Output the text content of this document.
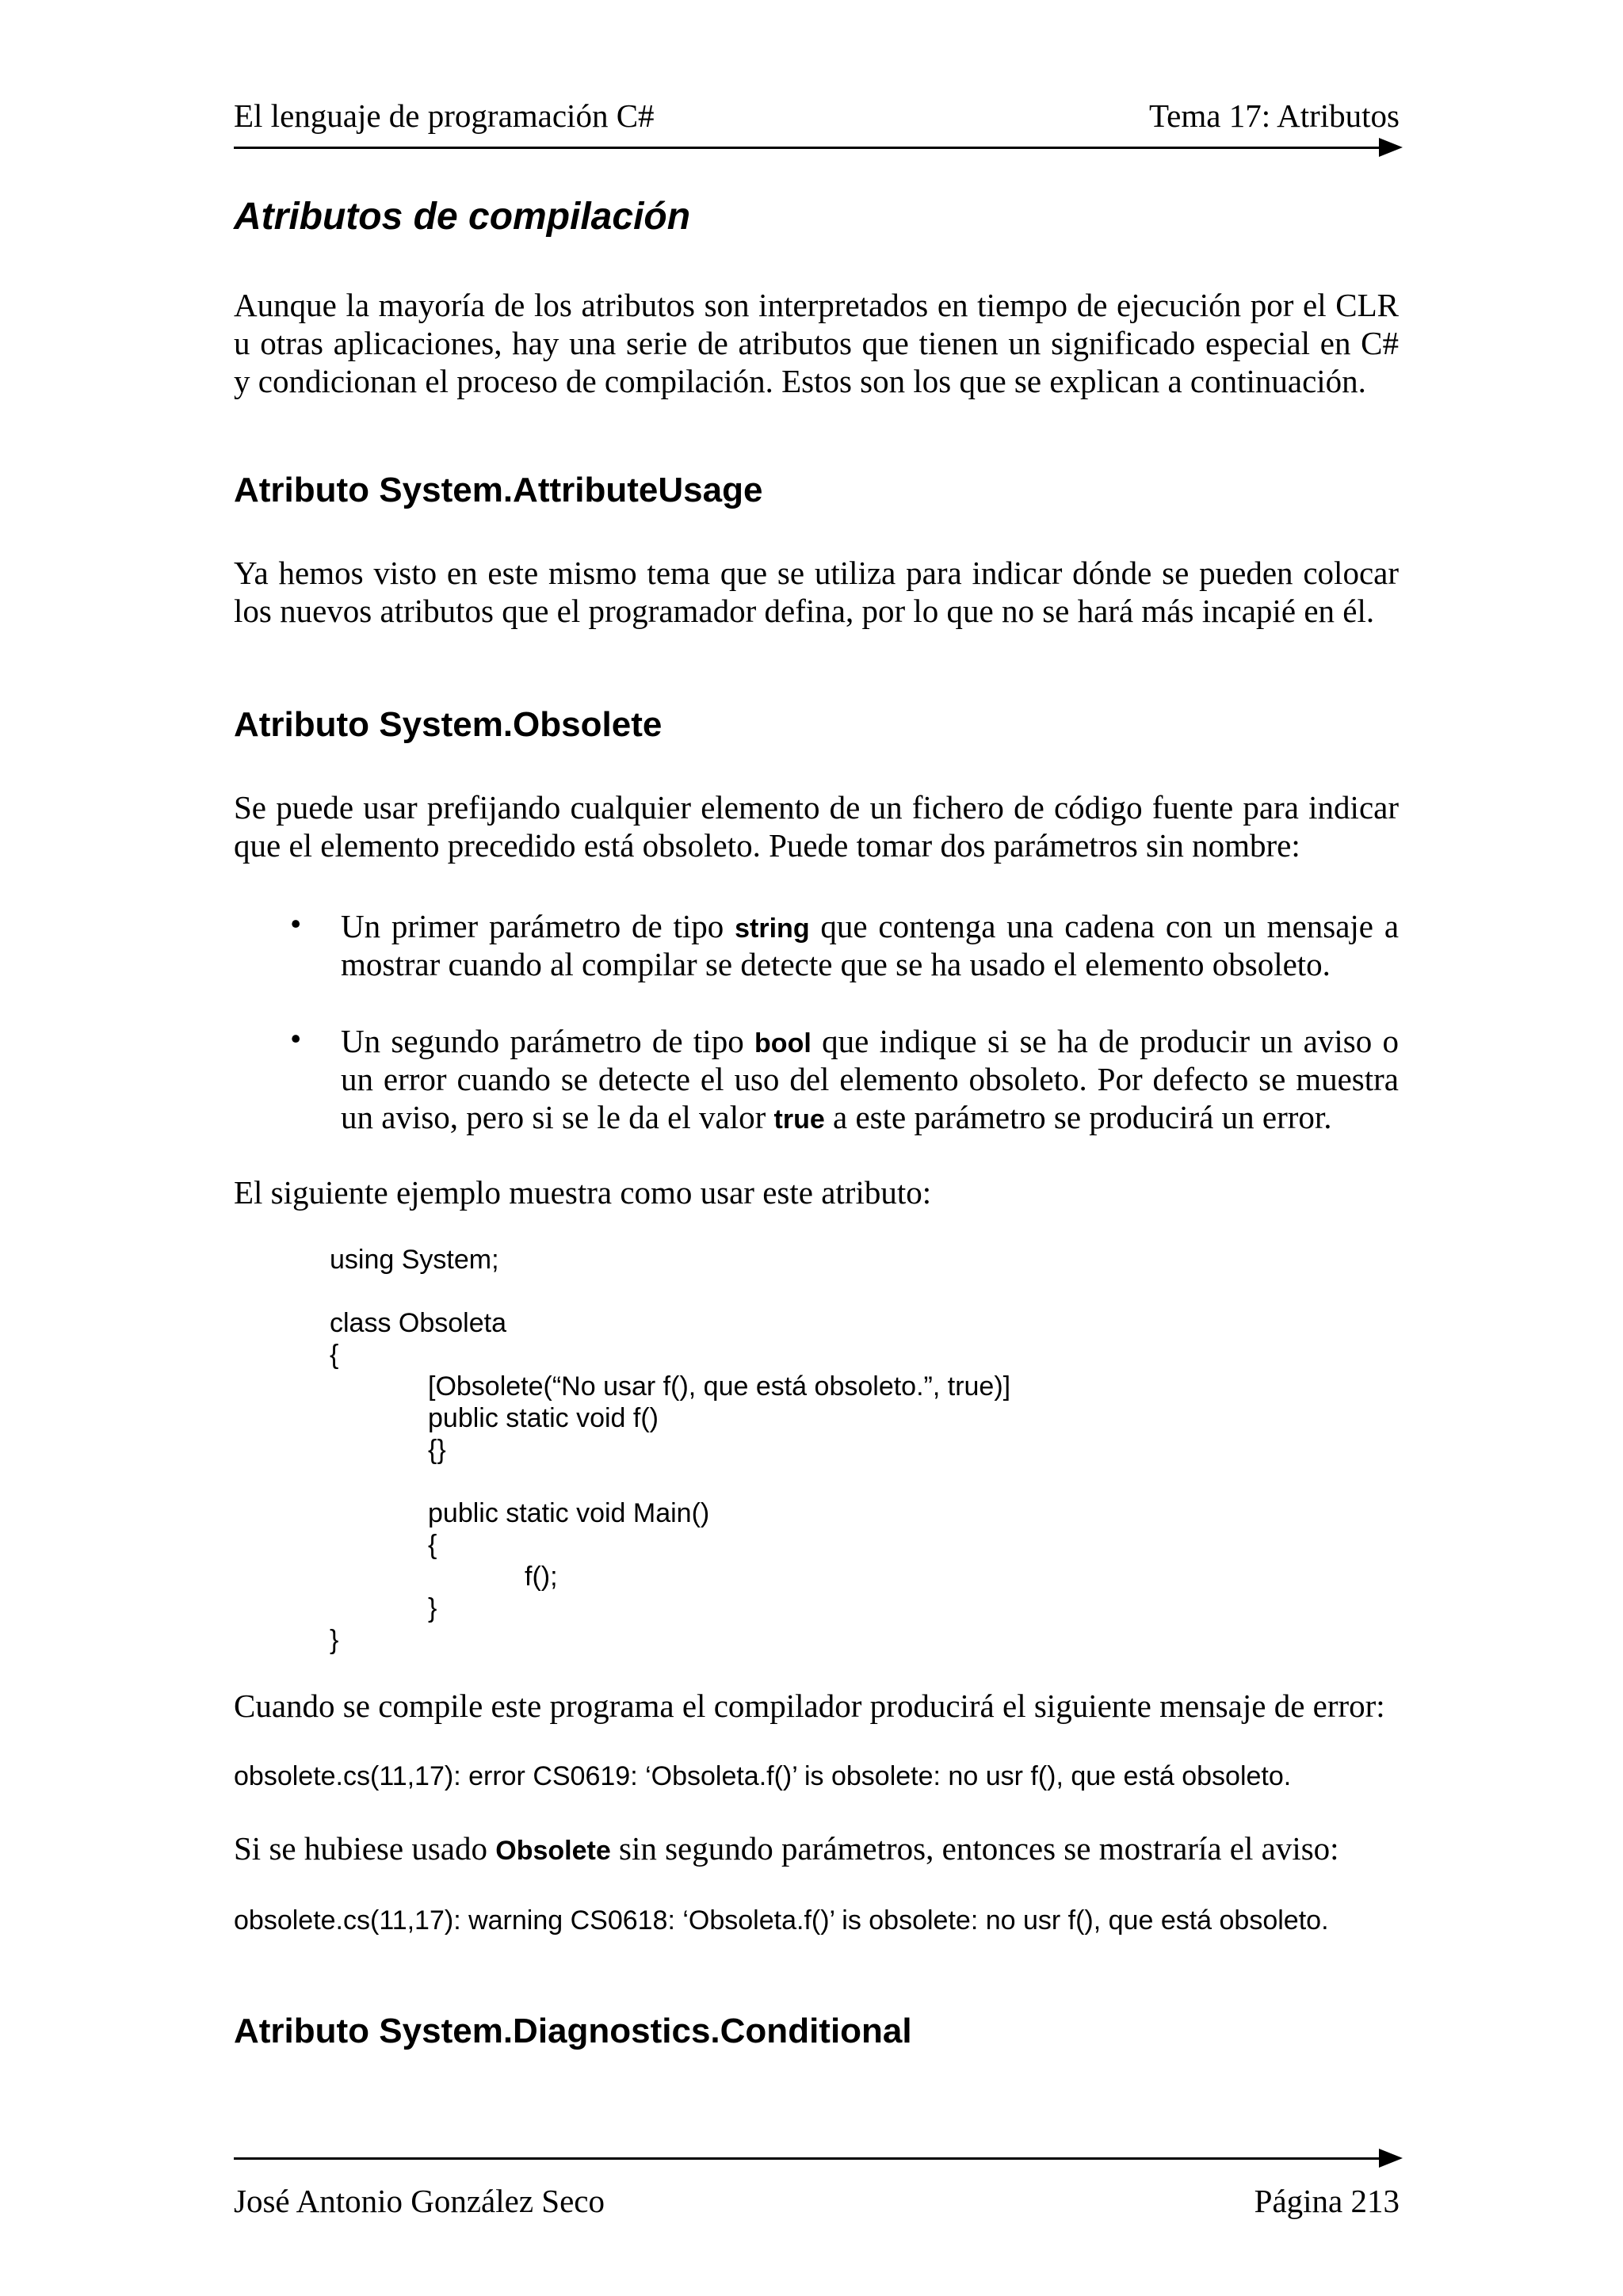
El lenguaje de programación C#	Tema 17: Atributos
Atributos de compilación
Aunque la mayoría de los atributos son interpretados en tiempo de ejecución por el CLR
u otras aplicaciones, hay una serie de atributos que tienen un significado especial en C#
y condicionan el proceso de compilación. Estos son los que se explican a continuación.
Atributo System.AttributeUsage
Ya hemos visto en este mismo tema que se utiliza para indicar dónde se pueden colocar
los nuevos atributos que el programador defina, por lo que no se hará más incapié en él.
Atributo System.Obsolete
Se puede usar prefijando cualquier elemento de un fichero de código fuente para indicar
que el elemento precedido está obsoleto. Puede tomar dos parámetros sin nombre:
• Un primer parámetro de tipo string que contenga una cadena con un mensaje a
mostrar cuando al compilar se detecte que se ha usado el elemento obsoleto.
• Un segundo parámetro de tipo bool que indique si se ha de producir un aviso o
un error cuando se detecte el uso del elemento obsoleto. Por defecto se muestra
un aviso, pero si se le da el valor true a este parámetro se producirá un error.
El siguiente ejemplo muestra como usar este atributo:
using System;
class Obsoleta
{
[Obsolete(“No usar f(), que está obsoleto.”, true)]
public static void f()
{}
public static void Main()
{
f();
}
}
Cuando se compile este programa el compilador producirá el siguiente mensaje de error:
obsolete.cs(11,17): error CS0619: ‘Obsoleta.f()’ is obsolete: no usr f(), que está obsoleto.
Si se hubiese usado Obsolete sin segundo parámetros, entonces se mostraría el aviso:
obsolete.cs(11,17): warning CS0618: ‘Obsoleta.f()’ is obsolete: no usr f(), que está obsoleto.
Atributo System.Diagnostics.Conditional
José Antonio González Seco	Página 213
